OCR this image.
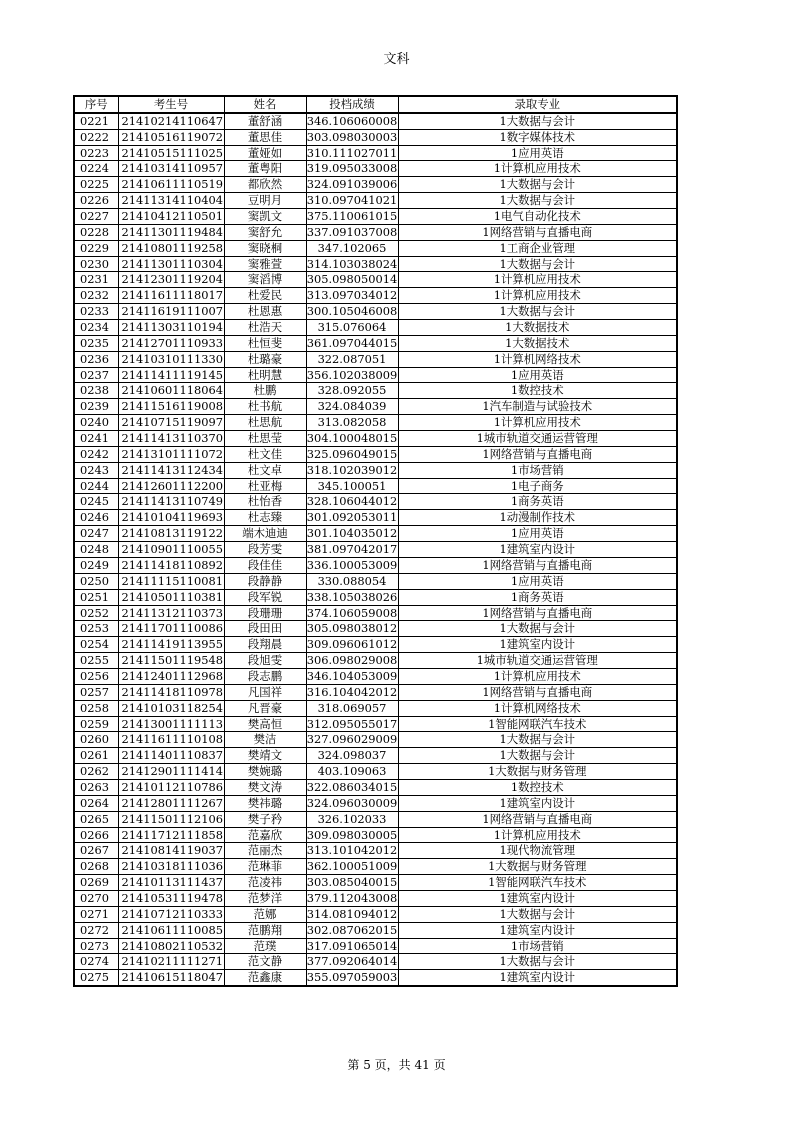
文科
序号	考生号	姓名	投档成绩	录取专业
0221	21410214110647	董舒涵	346.106060008	1大数据与会计
0222	21410516119072	董思佳	303.098030003	1数字媒体技术
0223	21410515111025	董娅如	310.111027011	1应用英语
0224	21410314110957	董粤阳	319.095033008	1计算机应用技术
0225	21410611110519	都欣然	324.091039006	1大数据与会计
0226	21411314110404	豆明月	310.097041021	1大数据与会计
0227	21410412110501	窦凯文	375.110061015	1电气自动化技术
0228	21411301119484	窦舒允	337.091037008	1网络营销与直播电商
0229	21410801119258	窦晓桐	347.102065	1工商企业管理
0230	21411301110304	窦雅萱	314.103038024	1大数据与会计
0231	21412301119204	窦滔博	305.098050014	1计算机应用技术
0232	21411611118017	杜爱民	313.097034012	1计算机应用技术
0233	21411619111007	杜恩惠	300.105046008	1大数据与会计
0234	21411303110194	杜浩天	315.076064	1大数据技术
0235	21412701110933	杜恒斐	361.097044015	1大数据技术
0236	21410310111330	杜璐豪	322.087051	1计算机网络技术
0237	21411411119145	杜明慧	356.102038009	1应用英语
0238	21410601118064	杜鹏	328.092055	1数控技术
0239	21411516119008	杜书航	324.084039	1汽车制造与试验技术
0240	21410715119097	杜思航	313.082058	1计算机应用技术
0241	21411413110370	杜思莹	304.100048015	1城市轨道交通运营管理
0242	21413101111072	杜文佳	325.096049015	1网络营销与直播电商
0243	21411413112434	杜文卓	318.102039012	1市场营销
0244	21412601112200	杜亚梅	345.100051	1电子商务
0245	21411413110749	杜怡香	328.106044012	1商务英语
0246	21410104119693	杜志臻	301.092053011	1动漫制作技术
0247	21410813119122	端木迪迪	301.104035012	1应用英语
0248	21410901110055	段芳雯	381.097042017	1建筑室内设计
0249	21411418110892	段佳佳	336.100053009	1网络营销与直播电商
0250	21411115110081	段静静	330.088054	1应用英语
0251	21410501110381	段军锐	338.105038026	1商务英语
0252	21411312110373	段珊珊	374.106059008	1网络营销与直播电商
0253	21411701110086	段田田	305.098038012	1大数据与会计
0254	21411419113955	段翔晨	309.096061012	1建筑室内设计
0255	21411501119548	段旭雯	306.098029008	1城市轨道交通运营管理
0256	21412401112968	段志鹏	346.104053009	1计算机应用技术
0257	21411418110978	凡国祥	316.104042012	1网络营销与直播电商
0258	21410103118254	凡晋豪	318.069057	1计算机网络技术
0259	21413001111113	樊高恒	312.095055017	1智能网联汽车技术
0260	21411611110108	樊洁	327.096029009	1大数据与会计
0261	21411401110837	樊靖文	324.098037	1大数据与会计
0262	21412901111414	樊婉璐	403.109063	1大数据与财务管理
0263	21410112110786	樊文涛	322.086034015	1数控技术
0264	21412801111267	樊祎璐	324.096030009	1建筑室内设计
0265	21411501112106	樊子矜	326.102033	1网络营销与直播电商
0266	21411712111858	范嘉欣	309.098030005	1计算机应用技术
0267	21410814119037	范丽杰	313.101042012	1现代物流管理
0268	21410318111036	范琳菲	362.100051009	1大数据与财务管理
0269	21410113111437	范凌祎	303.085040015	1智能网联汽车技术
0270	21410531119478	范梦洋	379.112043008	1建筑室内设计
0271	21410712110333	范娜	314.081094012	1大数据与会计
0272	21410611110085	范鹏翔	302.087062015	1建筑室内设计
0273	21410802110532	范璞	317.091065014	1市场营销
0274	21410211111271	范文静	377.092064014	1大数据与会计
0275	21410615118047	范鑫康	355.097059003	1建筑室内设计
第 5 页，共 41 页
